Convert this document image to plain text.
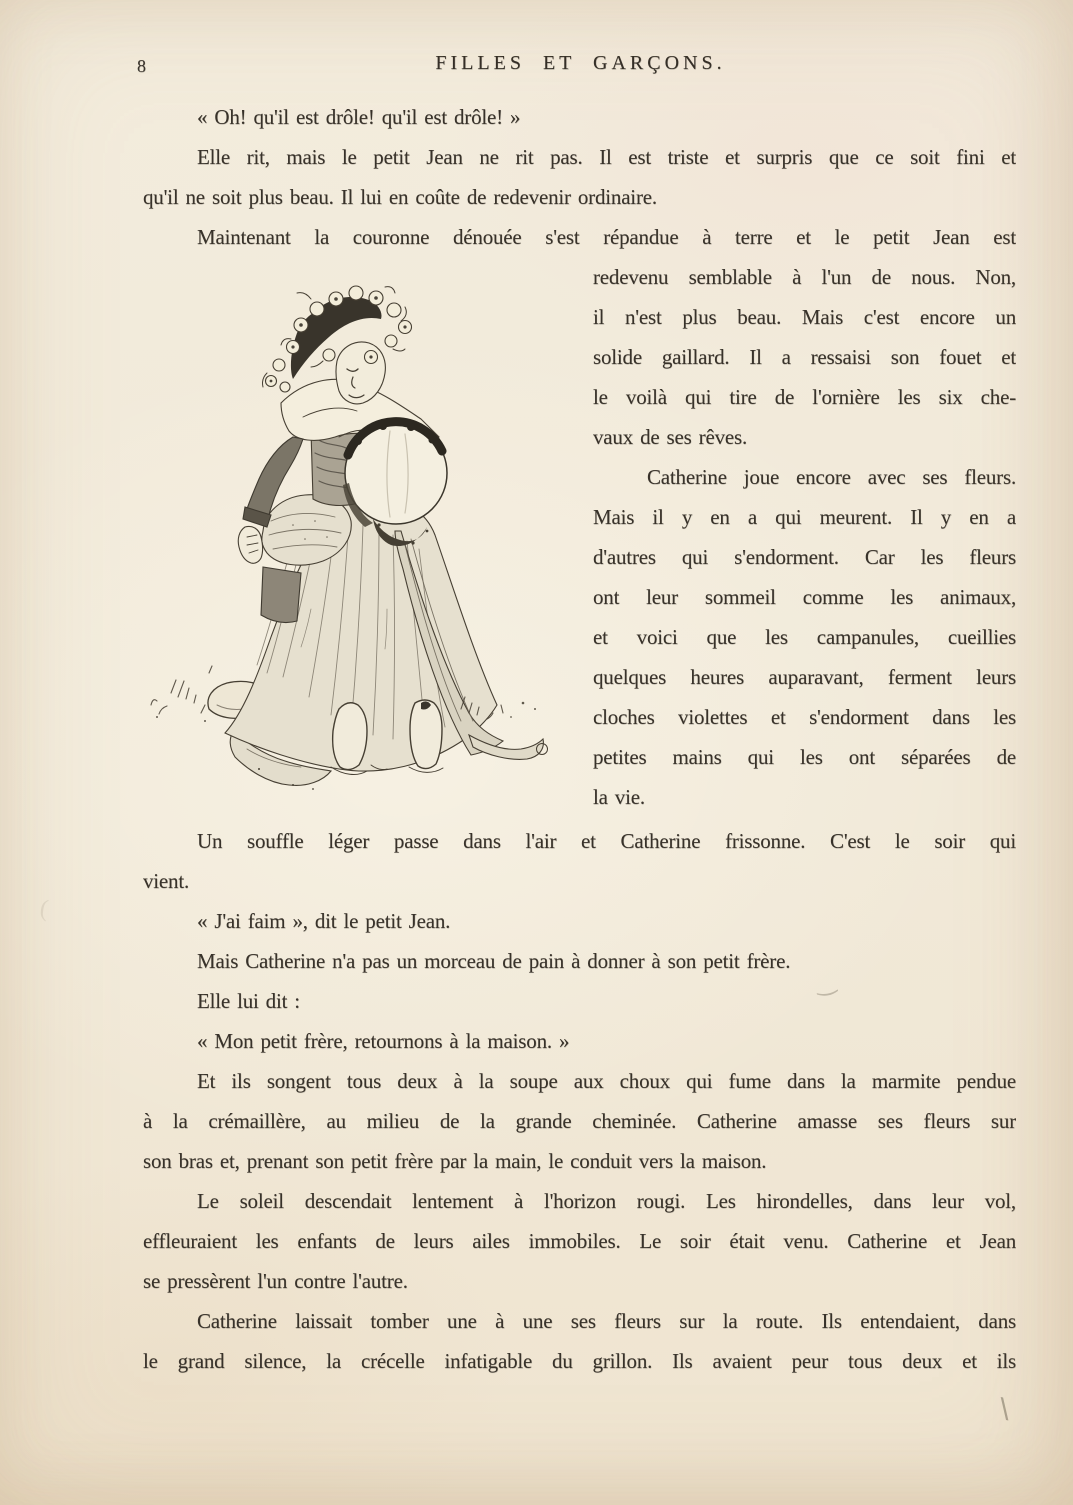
8	FILLES ET GARÇONS.
« Oh! qu'il est drôle! qu'il est drôle! »
Elle rit, mais le petit Jean ne rit pas. Il est triste et surpris que ce soit fini et
qu'il ne soit plus beau. Il lui en coûte de redevenir ordinaire.
Maintenant la couronne dénouée s'est répandue à terre et le petit Jean est
redevenu semblable à l'un de nous. Non,
il n'est plus beau. Mais c'est encore un
solide gaillard. Il a ressaisi son fouet et
le voilà qui tire de l'ornière les six che-
vaux de ses rêves.
Catherine joue encore avec ses fleurs.
Mais il y en a qui meurent. Il y en a
d'autres qui s'endorment. Car les fleurs
ont leur sommeil comme les animaux,
et voici que les campanules, cueillies
quelques heures auparavant, ferment leurs
cloches violettes et s'endorment dans les
petites mains qui les ont séparées de
la vie.
Un souffle léger passe dans l'air et Catherine frissonne. C'est le soir qui
vient.
« J'ai faim », dit le petit Jean.
Mais Catherine n'a pas un morceau de pain à donner à son petit frère.
Elle lui dit :
« Mon petit frère, retournons à la maison. »
Et ils songent tous deux à la soupe aux choux qui fume dans la marmite pendue
à la crémaillère, au milieu de la grande cheminée. Catherine amasse ses fleurs sur
son bras et, prenant son petit frère par la main, le conduit vers la maison.
Le soleil descendait lentement à l'horizon rougi. Les hirondelles, dans leur vol,
effleuraient les enfants de leurs ailes immobiles. Le soir était venu. Catherine et Jean
se pressèrent l'un contre l'autre.
Catherine laissait tomber une à une ses fleurs sur la route. Ils entendaient, dans
le grand silence, la crécelle infatigable du grillon. Ils avaient peur tous deux et ils
(
‿
\
